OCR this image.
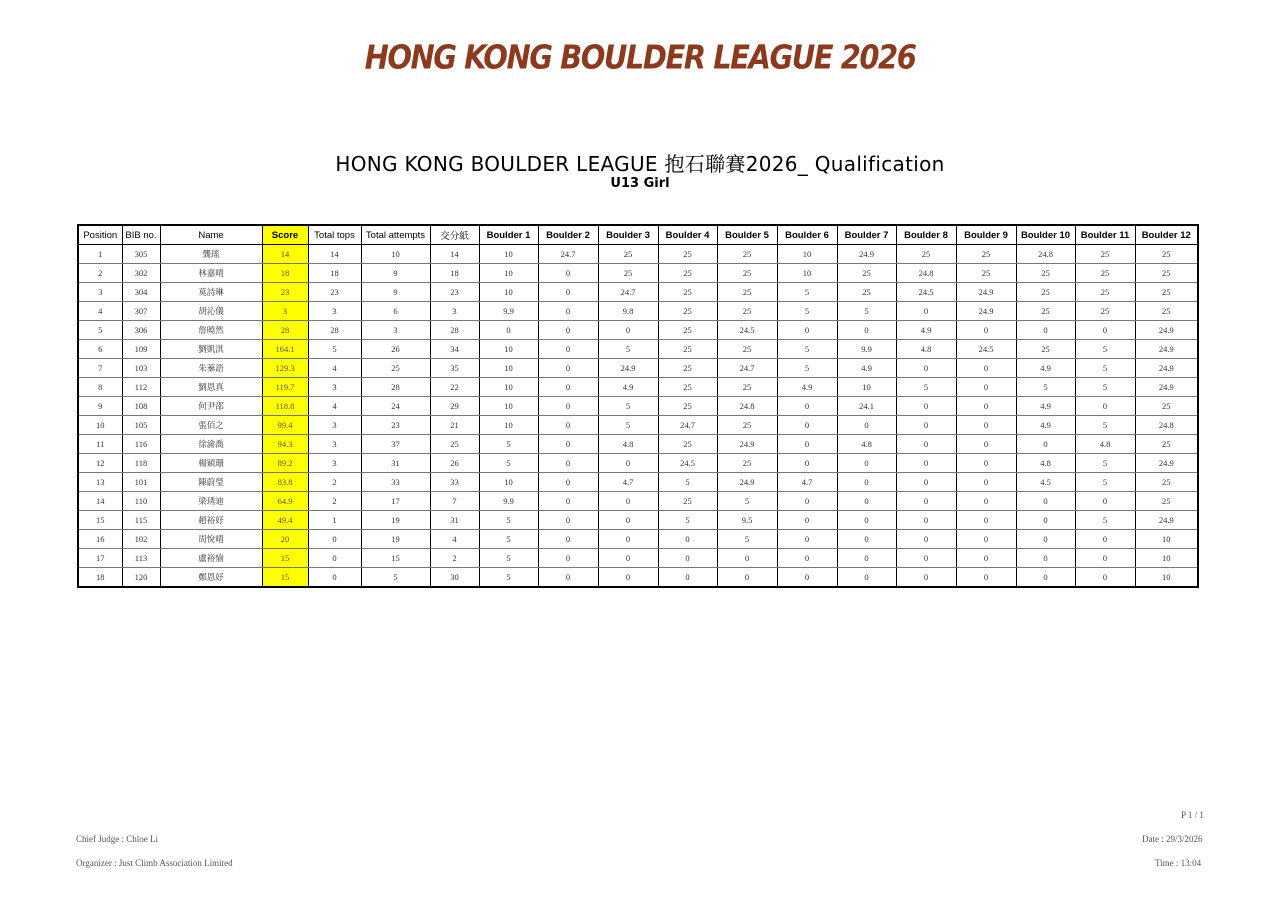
HONG KONG BOULDER LEAGUE 2026
HONG KONG BOULDER LEAGUE 抱石聯賽2026_ Qualification
U13 Girl
Position	BIB no.	Name	Score	Total tops	Total attempts	交分紙	Boulder 1	Boulder 2	Boulder 3	Boulder 4	Boulder 5	Boulder 6	Boulder 7	Boulder 8	Boulder 9	Boulder 10	Boulder 11	Boulder 12
1	305	龔瑤	14	14	10	14	10	24.7	25	25	25	10	24.9	25	25	24.8	25	25
2	302	林嘉晴	18	18	9	18	10	0	25	25	25	10	25	24.8	25	25	25	25
3	304	莫詩琳	23	23	9	23	10	0	24.7	25	25	5	25	24.5	24.9	25	25	25
4	307	胡沁儀	3	3	6	3	9.9	0	9.8	25	25	5	5	0	24.9	25	25	25
5	306	詹曉然	28	28	3	28	0	0	0	25	24.5	0	0	4.9	0	0	0	24.9
6	109	劉凱淇	164.1	5	26	34	10	0	5	25	25	5	9.9	4.8	24.5	25	5	24.9
7	103	朱蓁語	129.3	4	25	35	10	0	24.9	25	24.7	5	4.9	0	0	4.9	5	24.9
8	112	劉恩真	119.7	3	28	22	10	0	4.9	25	25	4.9	10	5	0	5	5	24.9
9	108	何尹邵	118.8	4	24	29	10	0	5	25	24.8	0	24.1	0	0	4.9	0	25
10	105	張佰之	99.4	3	23	21	10	0	5	24.7	25	0	0	0	0	4.9	5	24.8
11	116	徐渝喬	94.3	3	37	25	5	0	4.8	25	24.9	0	4.8	0	0	0	4.8	25
12	118	楊穎珊	89.2	3	31	26	5	0	0	24.5	25	0	0	0	0	4.8	5	24.9
13	101	陳蔚瑩	83.8	2	33	33	10	0	4.7	5	24.9	4.7	0	0	0	4.5	5	25
14	110	梁琇迪	64.9	2	17	7	9.9	0	0	25	5	0	0	0	0	0	0	25
15	115	趙裕妤	49.4	1	19	31	5	0	0	5	9.5	0	0	0	0	0	5	24.9
16	102	周悅晴	20	0	19	4	5	0	0	0	5	0	0	0	0	0	0	10
17	113	盧裕愉	15	0	15	2	5	0	0	0	0	0	0	0	0	0	0	10
18	120	鄭恩妤	15	0	5	30	5	0	0	0	0	0	0	0	0	0	0	10
P 1 / 1
Chief Judge : Chloe Li	Date : 29/3/2026
Organizer : Just Climb Association Limited	Time : 13:04
